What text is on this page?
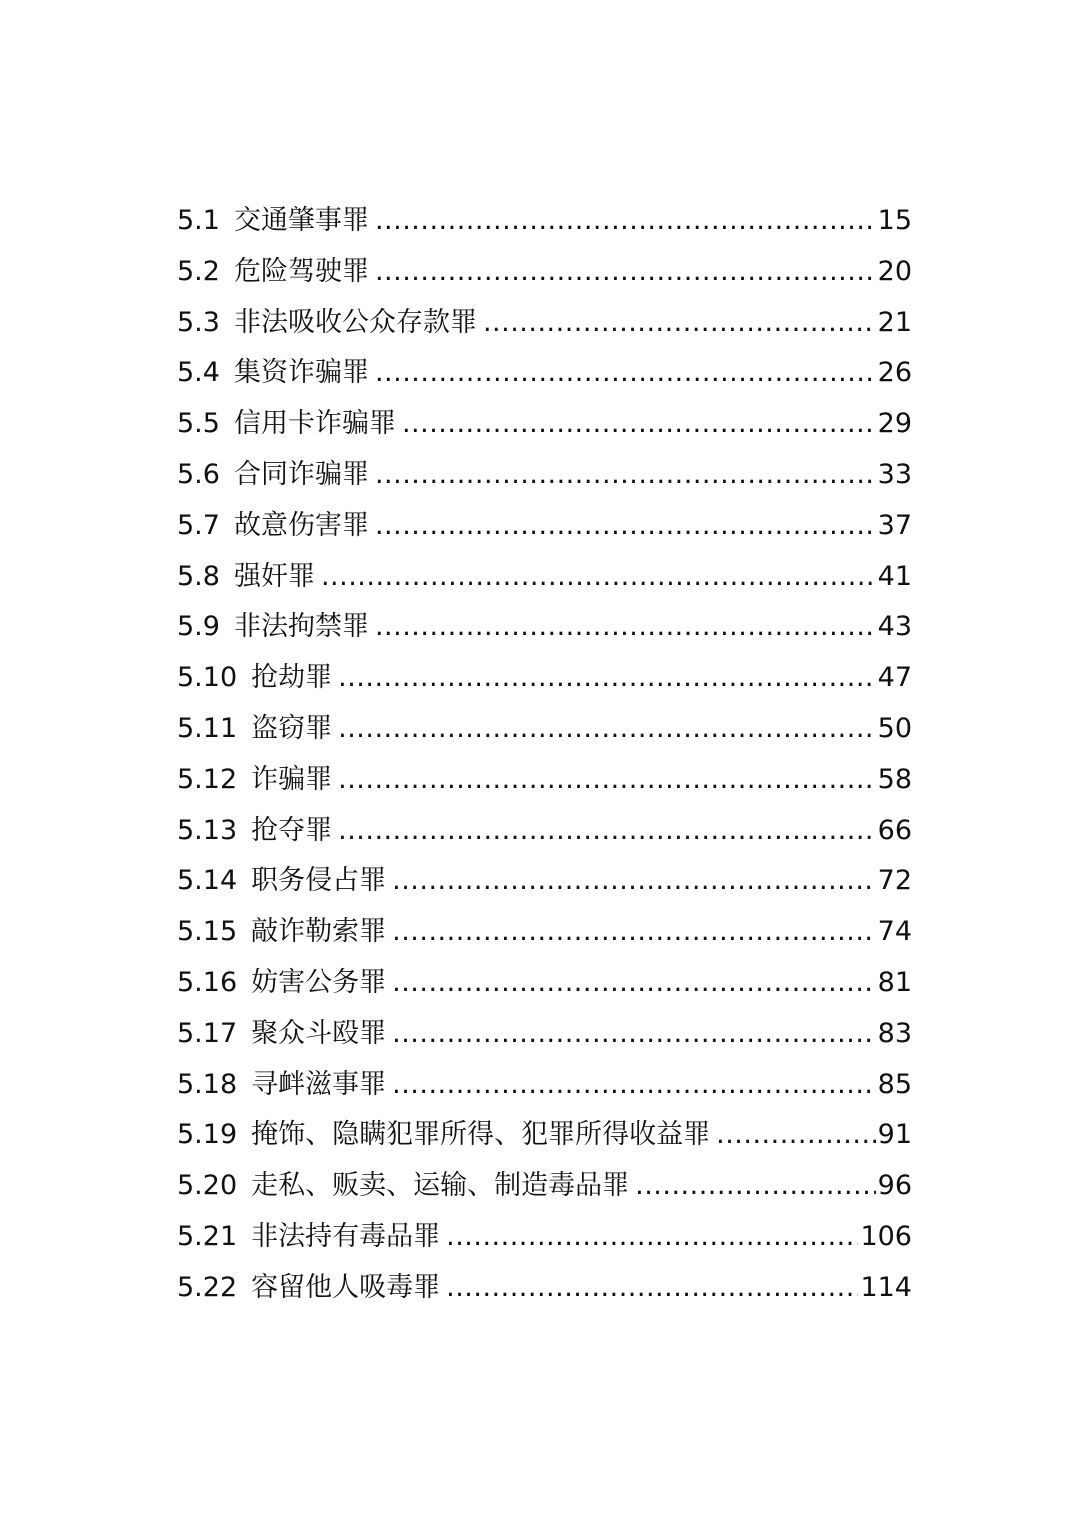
5.1 交通肇事罪 .....	15
5.2 危险驾驶罪 .....	20
5.3 非法吸收公众存款罪 .....	21
5.4 集资诈骗罪 .....	26
5.5 信用卡诈骗罪 .....	29
5.6 合同诈骗罪 .....	33
5.7 故意伤害罪 .....	37
5.8 强奸罪 .....	41
5.9 非法拘禁罪 .....	43
5.10 抢劫罪 .....	47
5.11 盗窃罪 .....	50
5.12 诈骗罪 .....	58
5.13 抢夺罪 .....	66
5.14 职务侵占罪 .....	72
5.15 敲诈勒索罪 .....	74
5.16 妨害公务罪 .....	81
5.17 聚众斗殴罪 .....	83
5.18 寻衅滋事罪 .....	85
5.19 掩饰、隐瞒犯罪所得、犯罪所得收益罪 .....	91
5.20 走私、贩卖、运输、制造毒品罪 .....	96
5.21 非法持有毒品罪 .....	106
5.22 容留他人吸毒罪 .....	114
